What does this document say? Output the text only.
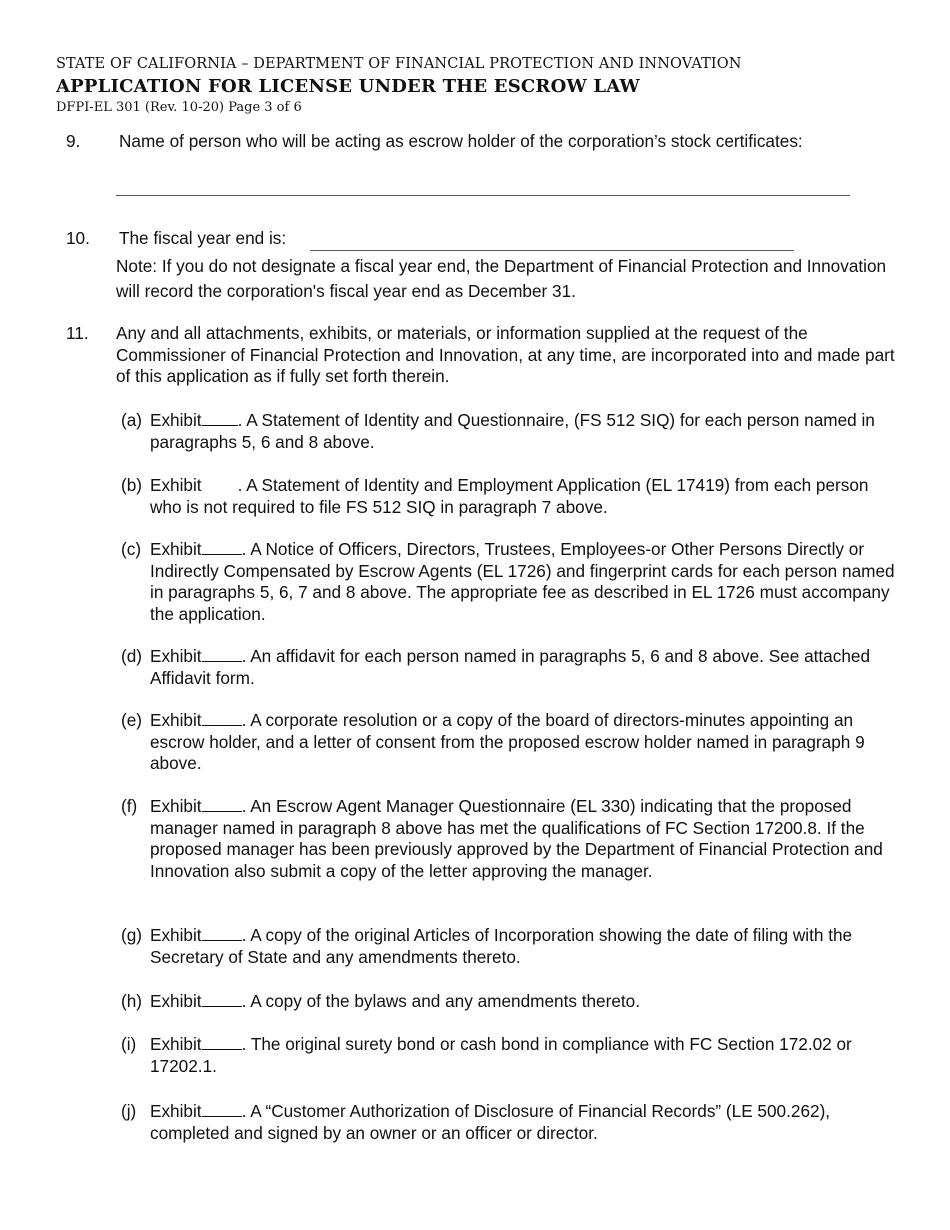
STATE OF CALIFORNIA – DEPARTMENT OF FINANCIAL PROTECTION AND INNOVATION
APPLICATION FOR LICENSE UNDER THE ESCROW LAW
DFPI-EL 301 (Rev. 10-20) Page 3 of 6
9. Name of person who will be acting as escrow holder of the corporation’s stock certificates:
10. The fiscal year end is:
Note: If you do not designate a fiscal year end, the Department of Financial Protection and Innovation will record the corporation's fiscal year end as December 31.
11. Any and all attachments, exhibits, or materials, or information supplied at the request of the Commissioner of Financial Protection and Innovation, at any time, are incorporated into and made part of this application as if fully set forth therein.
(a) Exhibit . A Statement of Identity and Questionnaire, (FS 512 SIQ) for each person named in paragraphs 5, 6 and 8 above.
(b) Exhibit . A Statement of Identity and Employment Application (EL 17419) from each person who is not required to file FS 512 SIQ in paragraph 7 above.
(c) Exhibit . A Notice of Officers, Directors, Trustees, Employees-or Other Persons Directly or Indirectly Compensated by Escrow Agents (EL 1726) and fingerprint cards for each person named in paragraphs 5, 6, 7 and 8 above. The appropriate fee as described in EL 1726 must accompany the application.
(d) Exhibit . An affidavit for each person named in paragraphs 5, 6 and 8 above. See attached Affidavit form.
(e) Exhibit . A corporate resolution or a copy of the board of directors-minutes appointing an escrow holder, and a letter of consent from the proposed escrow holder named in paragraph 9 above.
(f) Exhibit . An Escrow Agent Manager Questionnaire (EL 330) indicating that the proposed manager named in paragraph 8 above has met the qualifications of FC Section 17200.8. If the proposed manager has been previously approved by the Department of Financial Protection and Innovation also submit a copy of the letter approving the manager.
(g) Exhibit . A copy of the original Articles of Incorporation showing the date of filing with the Secretary of State and any amendments thereto.
(h) Exhibit . A copy of the bylaws and any amendments thereto.
(i) Exhibit . The original surety bond or cash bond in compliance with FC Section 172.02 or 17202.1.
(j) Exhibit . A “Customer Authorization of Disclosure of Financial Records” (LE 500.262), completed and signed by an owner or an officer or director.
